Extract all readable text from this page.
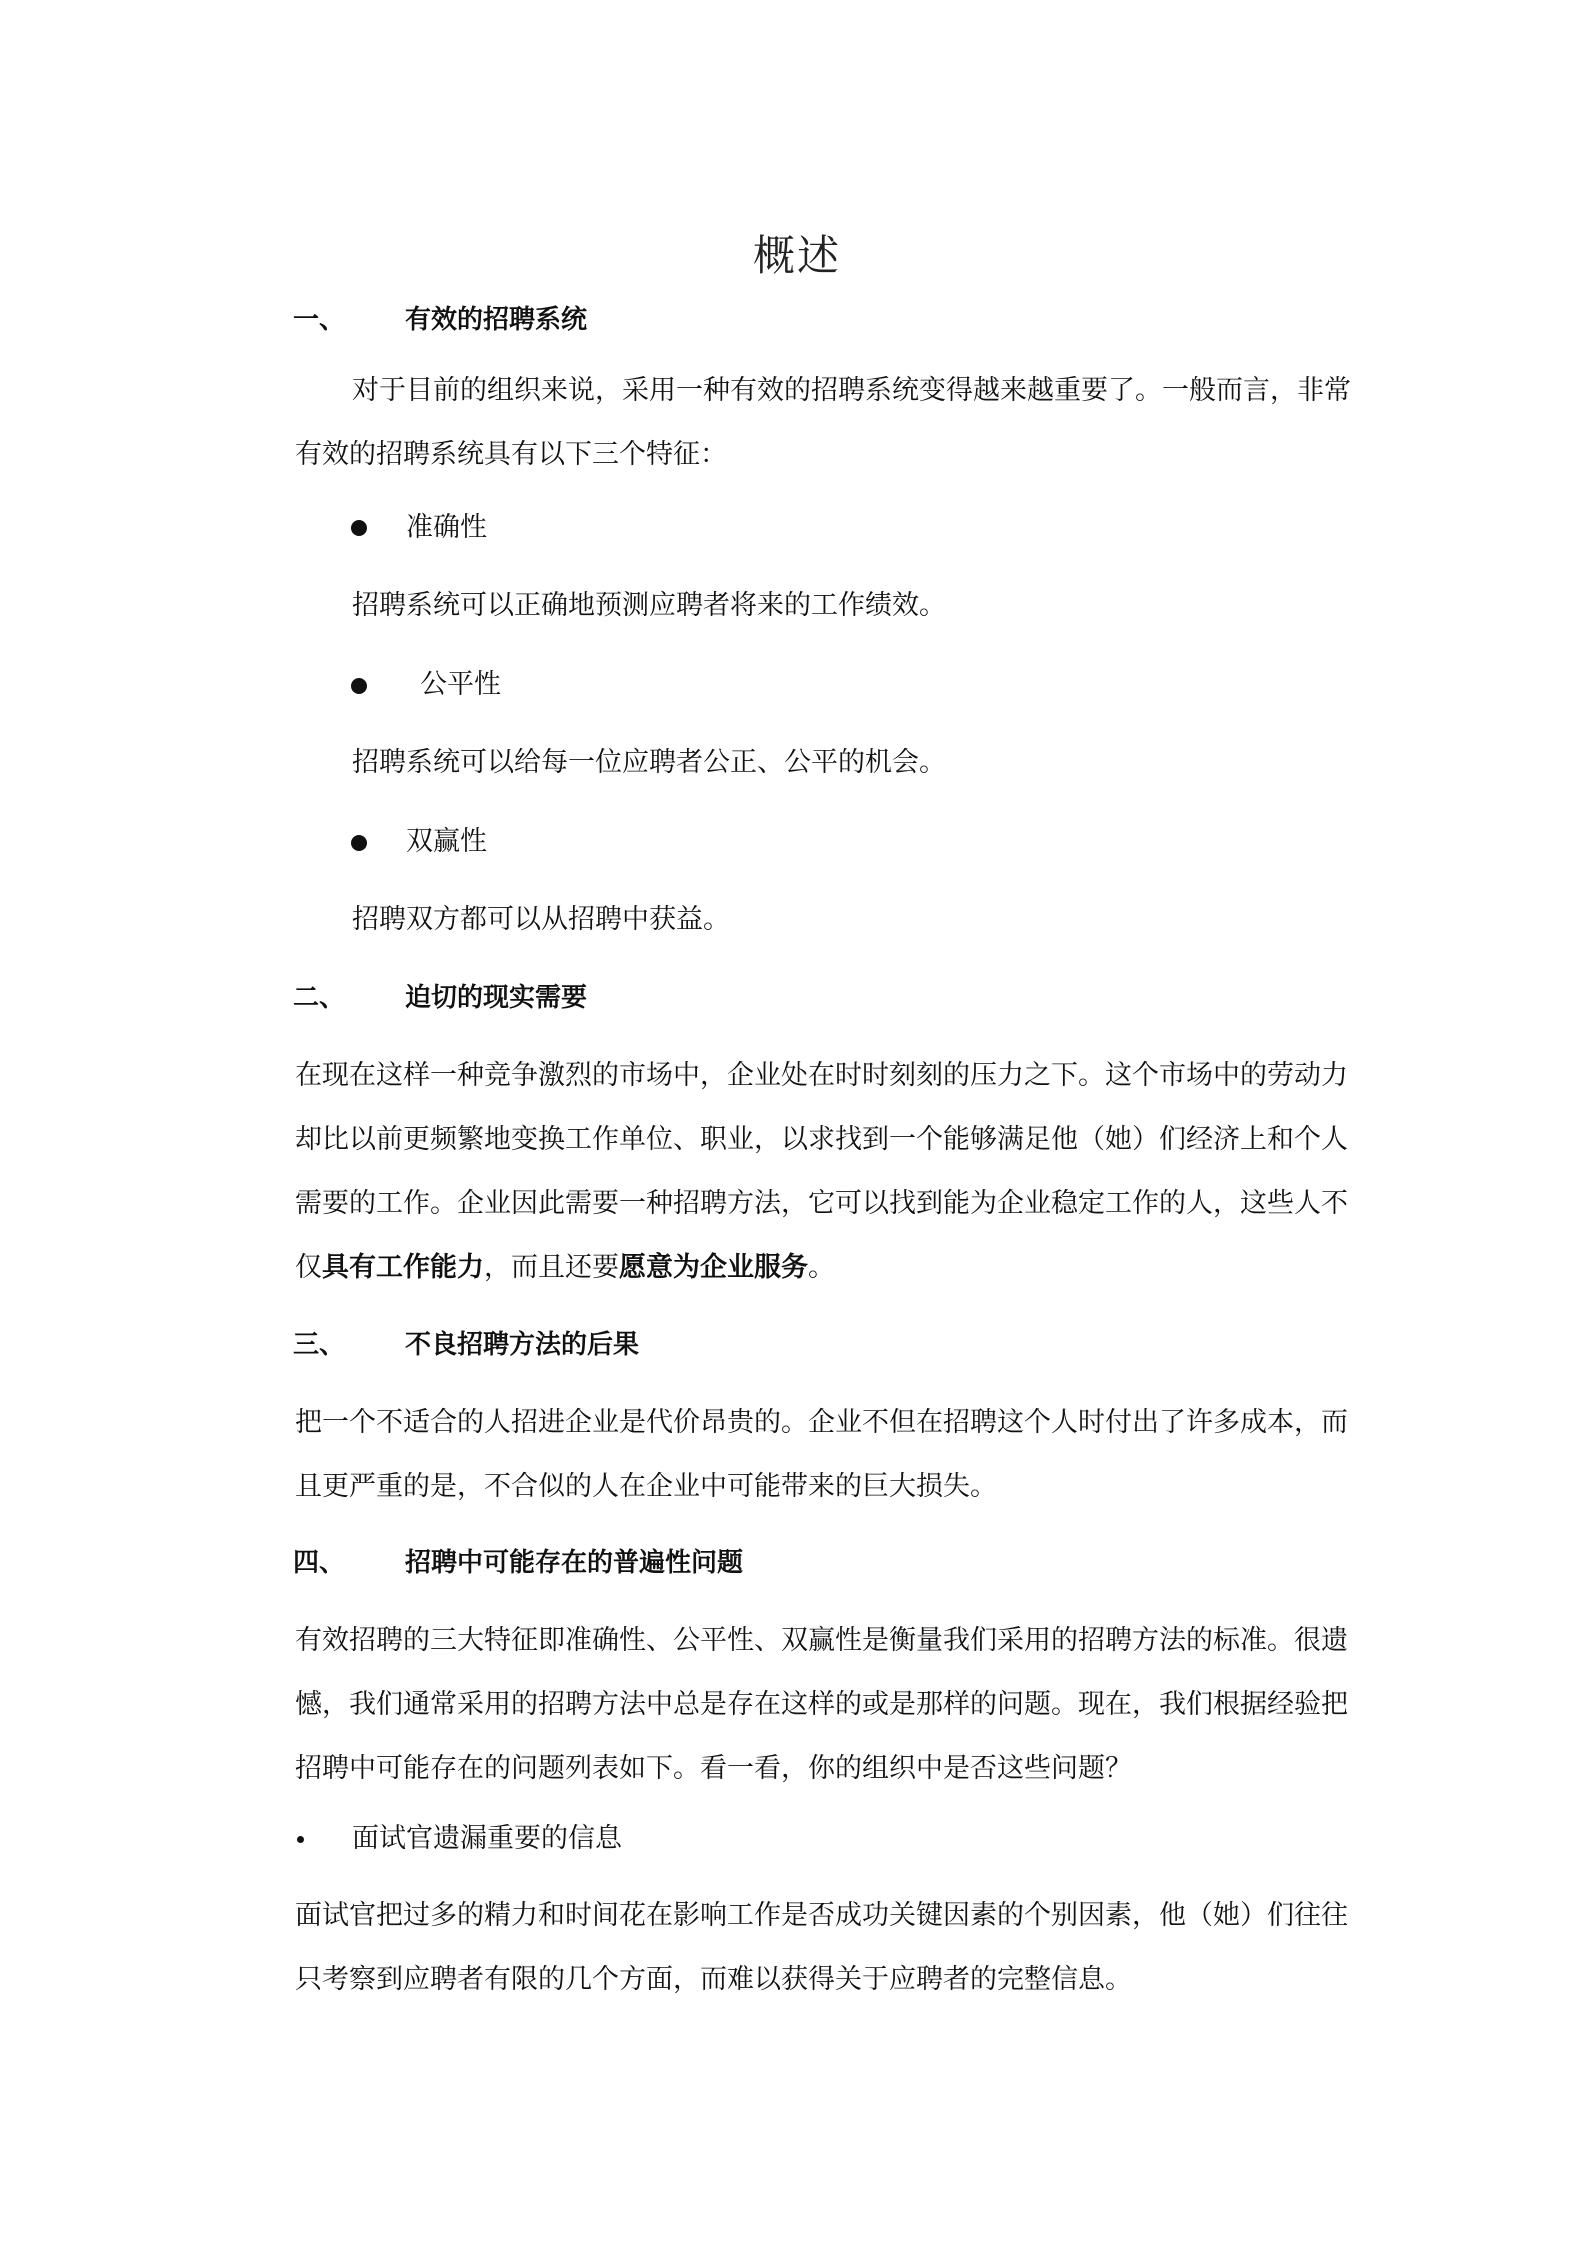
概述
一、 有效的招聘系统
对于目前的组织来说，采用一种有效的招聘系统变得越来越重要了。一般而言，非常
有效的招聘系统具有以下三个特征：
准确性
招聘系统可以正确地预测应聘者将来的工作绩效。
公平性
招聘系统可以给每一位应聘者公正、公平的机会。
双赢性
招聘双方都可以从招聘中获益。
二、 迫切的现实需要
在现在这样一种竞争激烈的市场中，企业处在时时刻刻的压力之下。这个市场中的劳动力
却比以前更频繁地变换工作单位、职业，以求找到一个能够满足他（她）们经济上和个人
需要的工作。企业因此需要一种招聘方法，它可以找到能为企业稳定工作的人，这些人不
仅具有工作能力，而且还要愿意为企业服务。
三、 不良招聘方法的后果
把一个不适合的人招进企业是代价昂贵的。企业不但在招聘这个人时付出了许多成本，而
且更严重的是，不合似的人在企业中可能带来的巨大损失。
四、 招聘中可能存在的普遍性问题
有效招聘的三大特征即准确性、公平性、双赢性是衡量我们采用的招聘方法的标准。很遗
憾，我们通常采用的招聘方法中总是存在这样的或是那样的问题。现在，我们根据经验把
招聘中可能存在的问题列表如下。看一看，你的组织中是否这些问题？
面试官遗漏重要的信息
面试官把过多的精力和时间花在影响工作是否成功关键因素的个别因素，他（她）们往往
只考察到应聘者有限的几个方面，而难以获得关于应聘者的完整信息。
